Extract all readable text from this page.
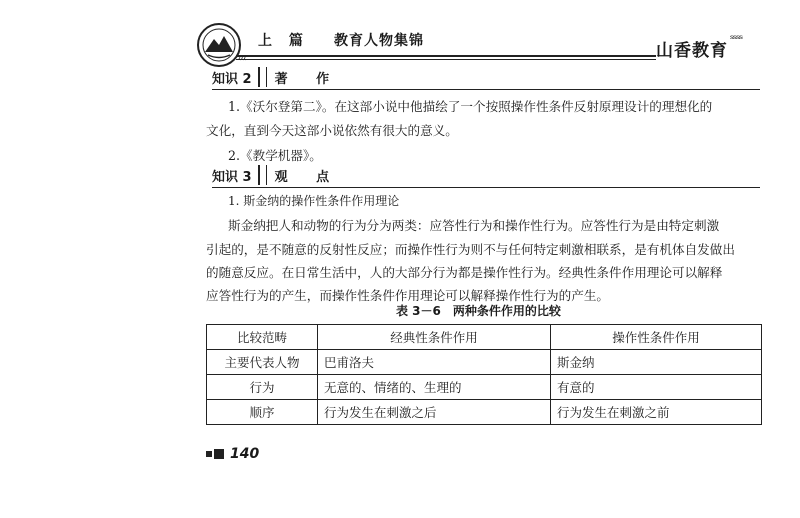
上 篇 教育人物集锦
‹‹‹	山香教育
ˢˢˢˢ
知识 2	著 作
1.《沃尔登第二》。在这部小说中他描绘了一个按照操作性条件反射原理设计的理想化的
文化，直到今天这部小说依然有很大的意义。
2.《教学机器》。
知识 3	观 点
1. 斯金纳的操作性条件作用理论
斯金纳把人和动物的行为分为两类：应答性行为和操作性行为。应答性行为是由特定刺激
引起的，是不随意的反射性反应；而操作性行为则不与任何特定刺激相联系，是有机体自发做出
的随意反应。在日常生活中，人的大部分行为都是操作性行为。经典性条件作用理论可以解释
应答性行为的产生，而操作性条件作用理论可以解释操作性行为的产生。
表 3－6　两种条件作用的比较
比较范畴	经典性条件作用	操作性条件作用
主要代表人物	巴甫洛夫	斯金纳
行为	无意的、情绪的、生理的	有意的
顺序	行为发生在刺激之后	行为发生在刺激之前
140
